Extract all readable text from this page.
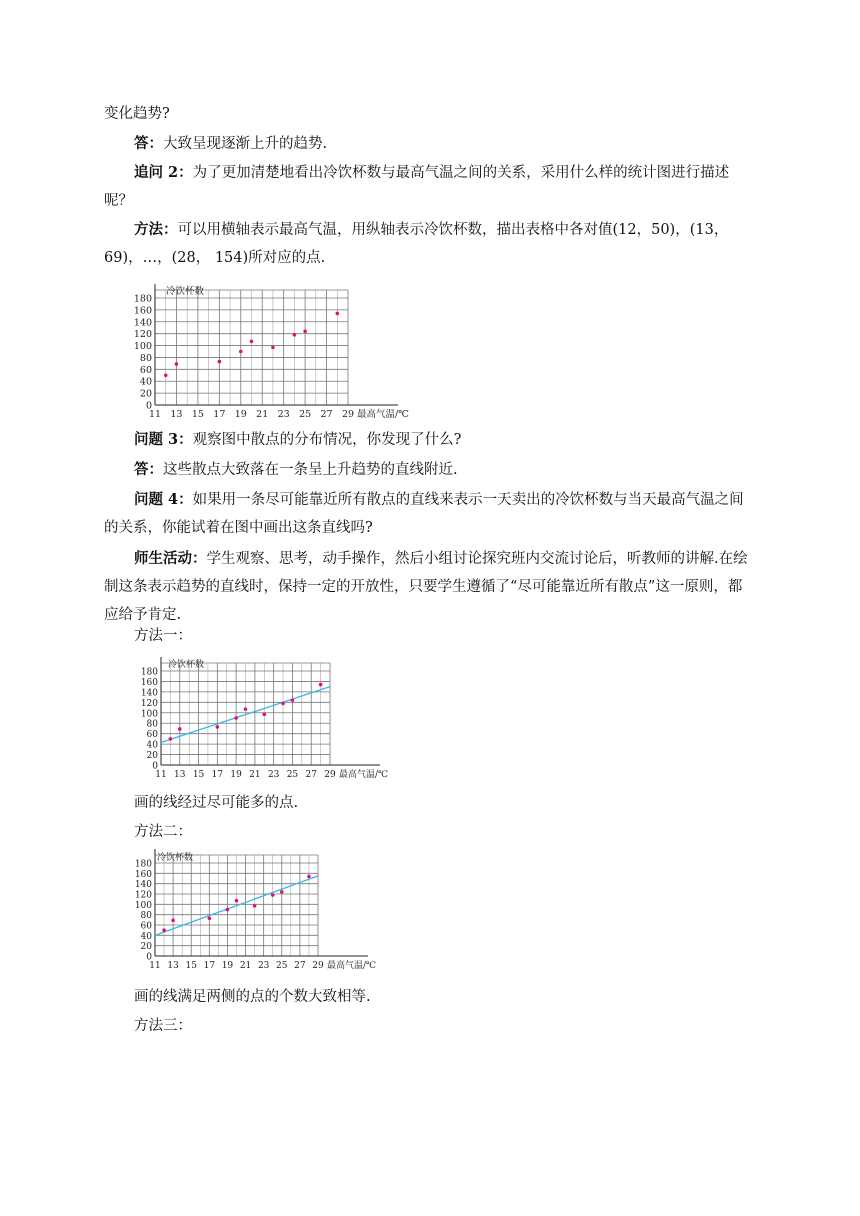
变化趋势?

答：大致呈现逐渐上升的趋势.

追问 2：为了更加清楚地看出冷饮杯数与最高气温之间的关系，采用什么样的统计图进行描述呢？

方法：可以用横轴表示最高气温，用纵轴表示冷饮杯数，描出表格中各对值(12，50)，(13，69)，…，(28， 154)所对应的点.

问题 3：观察图中散点的分布情况，你发现了什么?

答：这些散点大致落在一条呈上升趋势的直线附近.

问题 4：如果用一条尽可能靠近所有散点的直线来表示一天卖出的冷饮杯数与当天最高气温之间的关系，你能试着在图中画出这条直线吗?

师生活动：学生观察、思考，动手操作，然后小组讨论探究班内交流讨论后，听教师的讲解.在绘制这条表示趋势的直线时，保持一定的开放性，只要学生遵循了“尽可能靠近所有散点”这一原则，都应给予肯定.

方法一：

画的线经过尽可能多的点.

方法二：

画的线满足两侧的点的个数大致相等.

方法三：

冷饮杯数
0
20
40
60
80
100
120
140
160
180
11 13 15 17 19 21 23 25 27 29 最高气温/℃
冷饮杯数
0
20
40
60
80
100
120
140
160
180
11 13 15 17 19 21 23 25 27 29 最高气温/℃
冷饮杯数
0
20
40
60
80
100
120
140
160
180
11 13 15 17 19 21 23 25 27 29 最高气温/℃
